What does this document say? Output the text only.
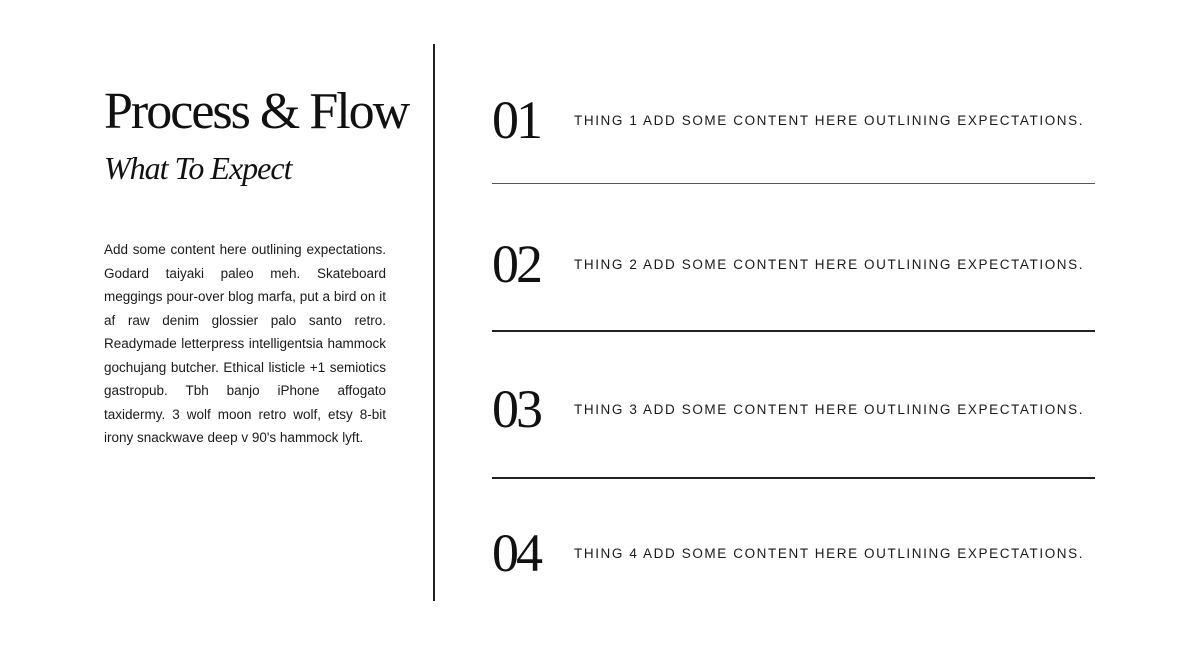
Process & Flow
What To Expect

Add some content here outlining expectations. Godard taiyaki paleo meh. Skateboard meggings pour-over blog marfa, put a bird on it af raw denim glossier palo santo retro. Readymade letterpress intelligentsia hammock gochujang butcher. Ethical listicle +1 semiotics gastropub. Tbh banjo iPhone affogato taxidermy. 3 wolf moon retro wolf, etsy 8-bit irony snackwave deep v 90's hammock lyft.

01	THING 1 ADD SOME CONTENT HERE OUTLINING EXPECTATIONS.
02	THING 2 ADD SOME CONTENT HERE OUTLINING EXPECTATIONS.
03	THING 3 ADD SOME CONTENT HERE OUTLINING EXPECTATIONS.
04	THING 4 ADD SOME CONTENT HERE OUTLINING EXPECTATIONS.
